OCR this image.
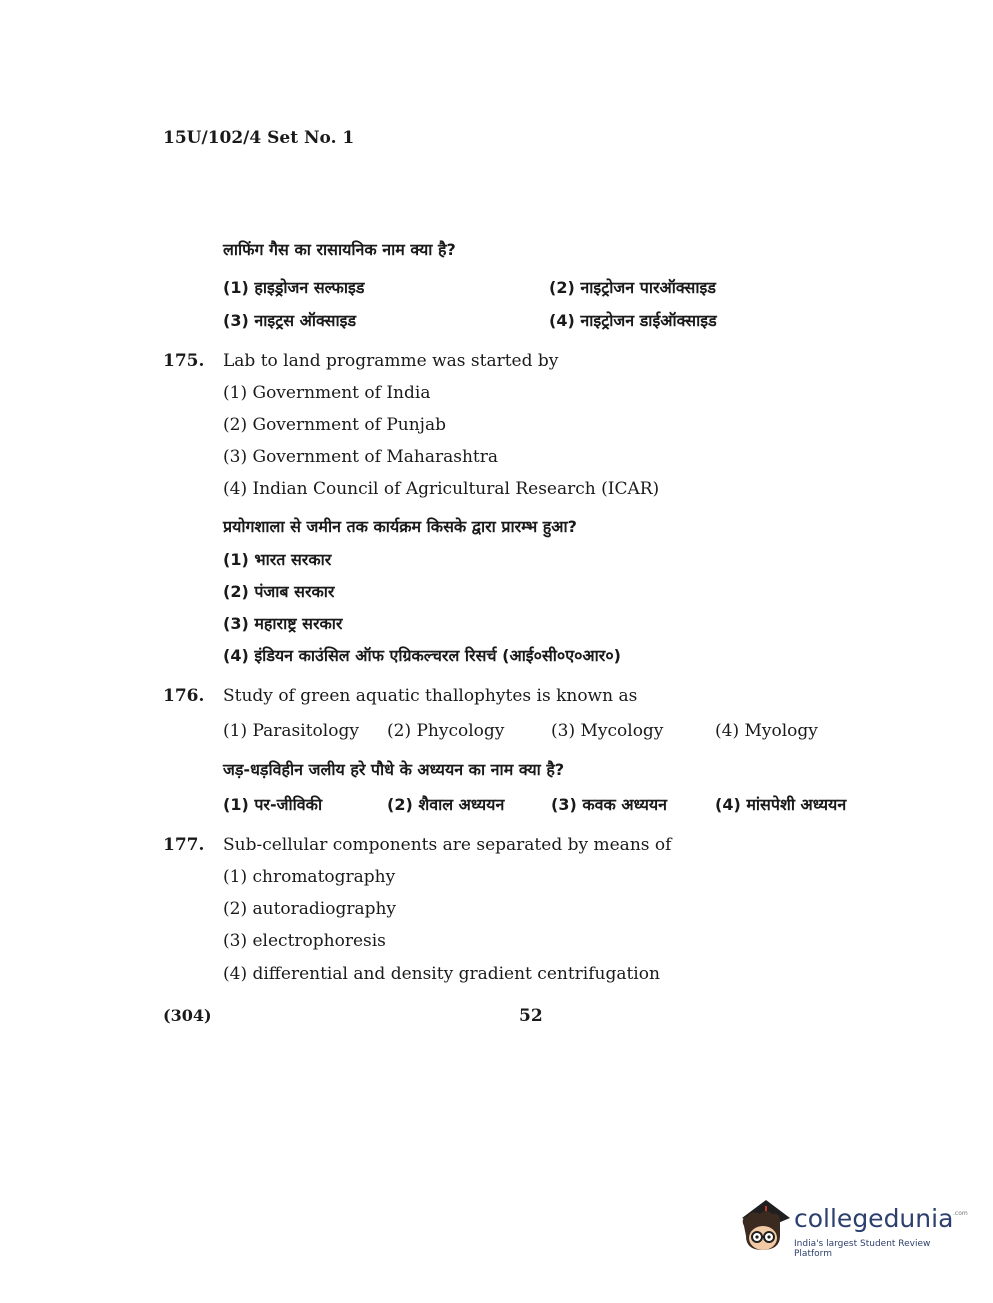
15U/102/4 Set No. 1
लाफिंग गैस का रासायनिक नाम क्या है?
(1) हाइड्रोजन सल्फाइड	(2) नाइट्रोजन पारऑक्साइड
(3) नाइट्रस ऑक्साइड	(4) नाइट्रोजन डाईऑक्साइड
175. Lab to land programme was started by
(1) Government of India
(2) Government of Punjab
(3) Government of Maharashtra
(4) Indian Council of Agricultural Research (ICAR)
प्रयोगशाला से जमीन तक कार्यक्रम किसके द्वारा प्रारम्भ हुआ?
(1) भारत सरकार
(2) पंजाब सरकार
(3) महाराष्ट्र सरकार
(4) इंडियन काउंसिल ऑफ एग्रिकल्चरल रिसर्च (आई०सी०ए०आर०)
176. Study of green aquatic thallophytes is known as
(1) Parasitology (2) Phycology	(3) Mycology	(4) Myology
जड़-धड़विहीन जलीय हरे पौधे के अध्ययन का नाम क्या है?
(1) पर-जीविकी	(2) शैवाल अध्ययन	(3) कवक अध्ययन	(4) मांसपेशी अध्ययन
177. Sub-cellular components are separated by means of
(1) chromatography
(2) autoradiography
(3) electrophoresis
(4) differential and density gradient centrifugation
(304)	52
collegedunia .com
India's largest Student Review Platform
